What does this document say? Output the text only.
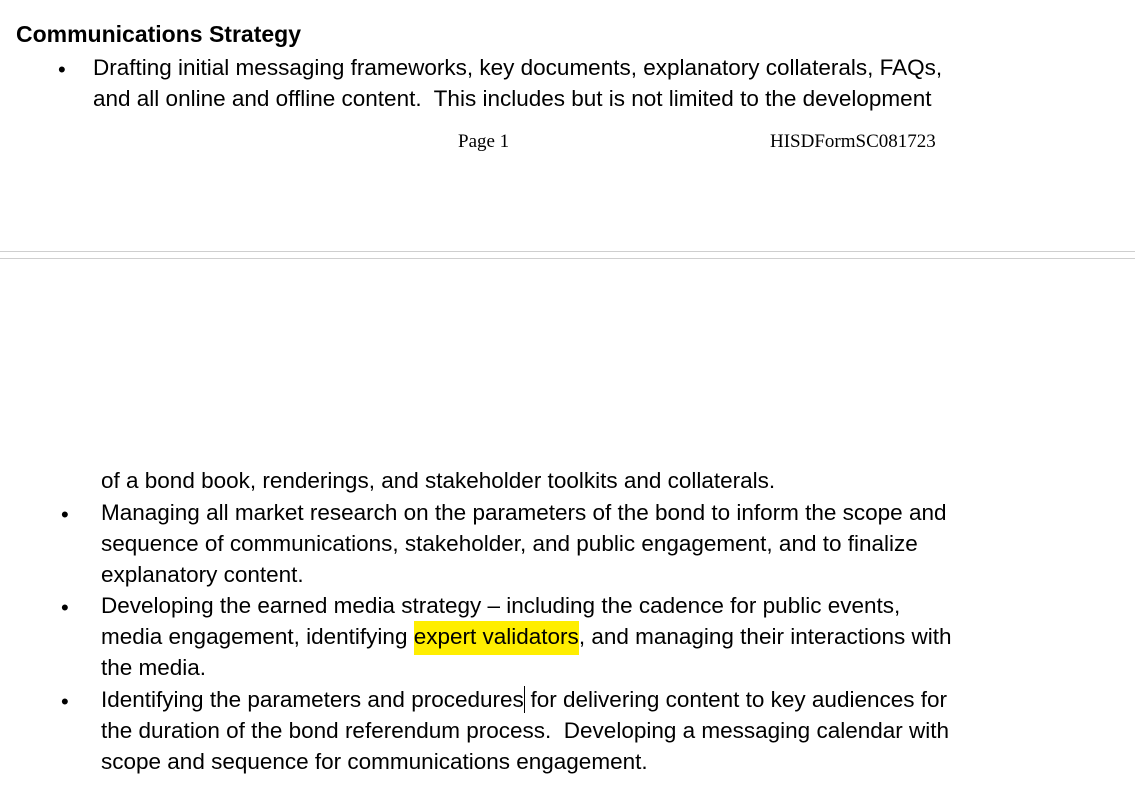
Communications Strategy
• Drafting initial messaging frameworks, key documents, explanatory collaterals, FAQs,
and all online and offline content.  This includes but is not limited to the development
Page 1	HISDFormSC081723
of a bond book, renderings, and stakeholder toolkits and collaterals.
• Managing all market research on the parameters of the bond to inform the scope and
sequence of communications, stakeholder, and public engagement, and to finalize
explanatory content.
• Developing the earned media strategy – including the cadence for public events,
media engagement, identifying expert validators, and managing their interactions with
the media.
• Identifying the parameters and procedures for delivering content to key audiences for
the duration of the bond referendum process.  Developing a messaging calendar with
scope and sequence for communications engagement.
